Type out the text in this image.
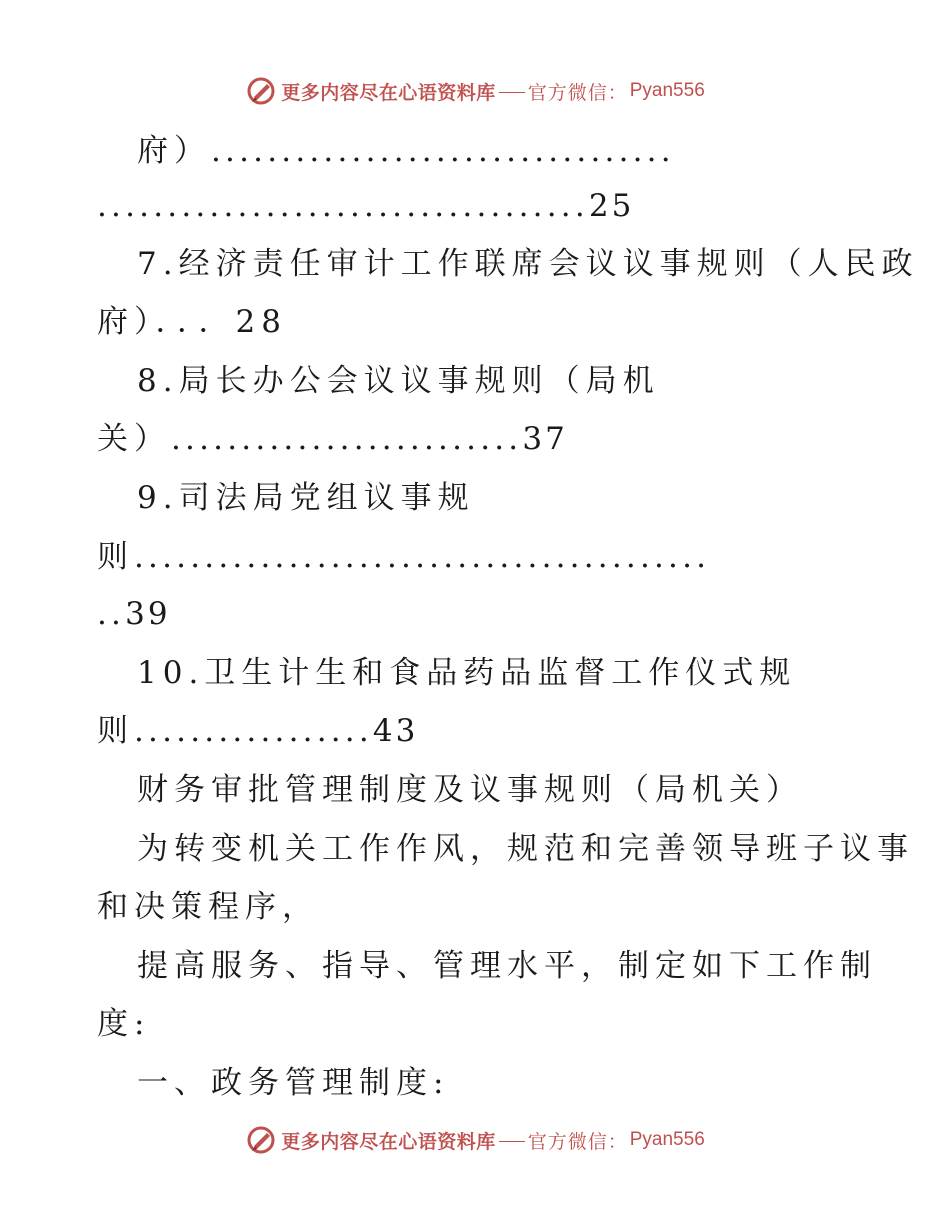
更多内容尽在心语资料库 官方微信： Pyan556
府）.................................
...................................25
7.经济责任审计工作联席会议议事规则（人民政
府）．．．28
8.局长办公会议议事规则（局机
关）.........................37
9.司法局党组议事规
则.........................................
..39
10.卫生计生和食品药品监督工作仪式规
则.................43
财务审批管理制度及议事规则（局机关）
为转变机关工作作风，规范和完善领导班子议事
和决策程序，
提高服务、指导、管理水平，制定如下工作制
度:
一、政务管理制度:
更多内容尽在心语资料库 官方微信： Pyan556
